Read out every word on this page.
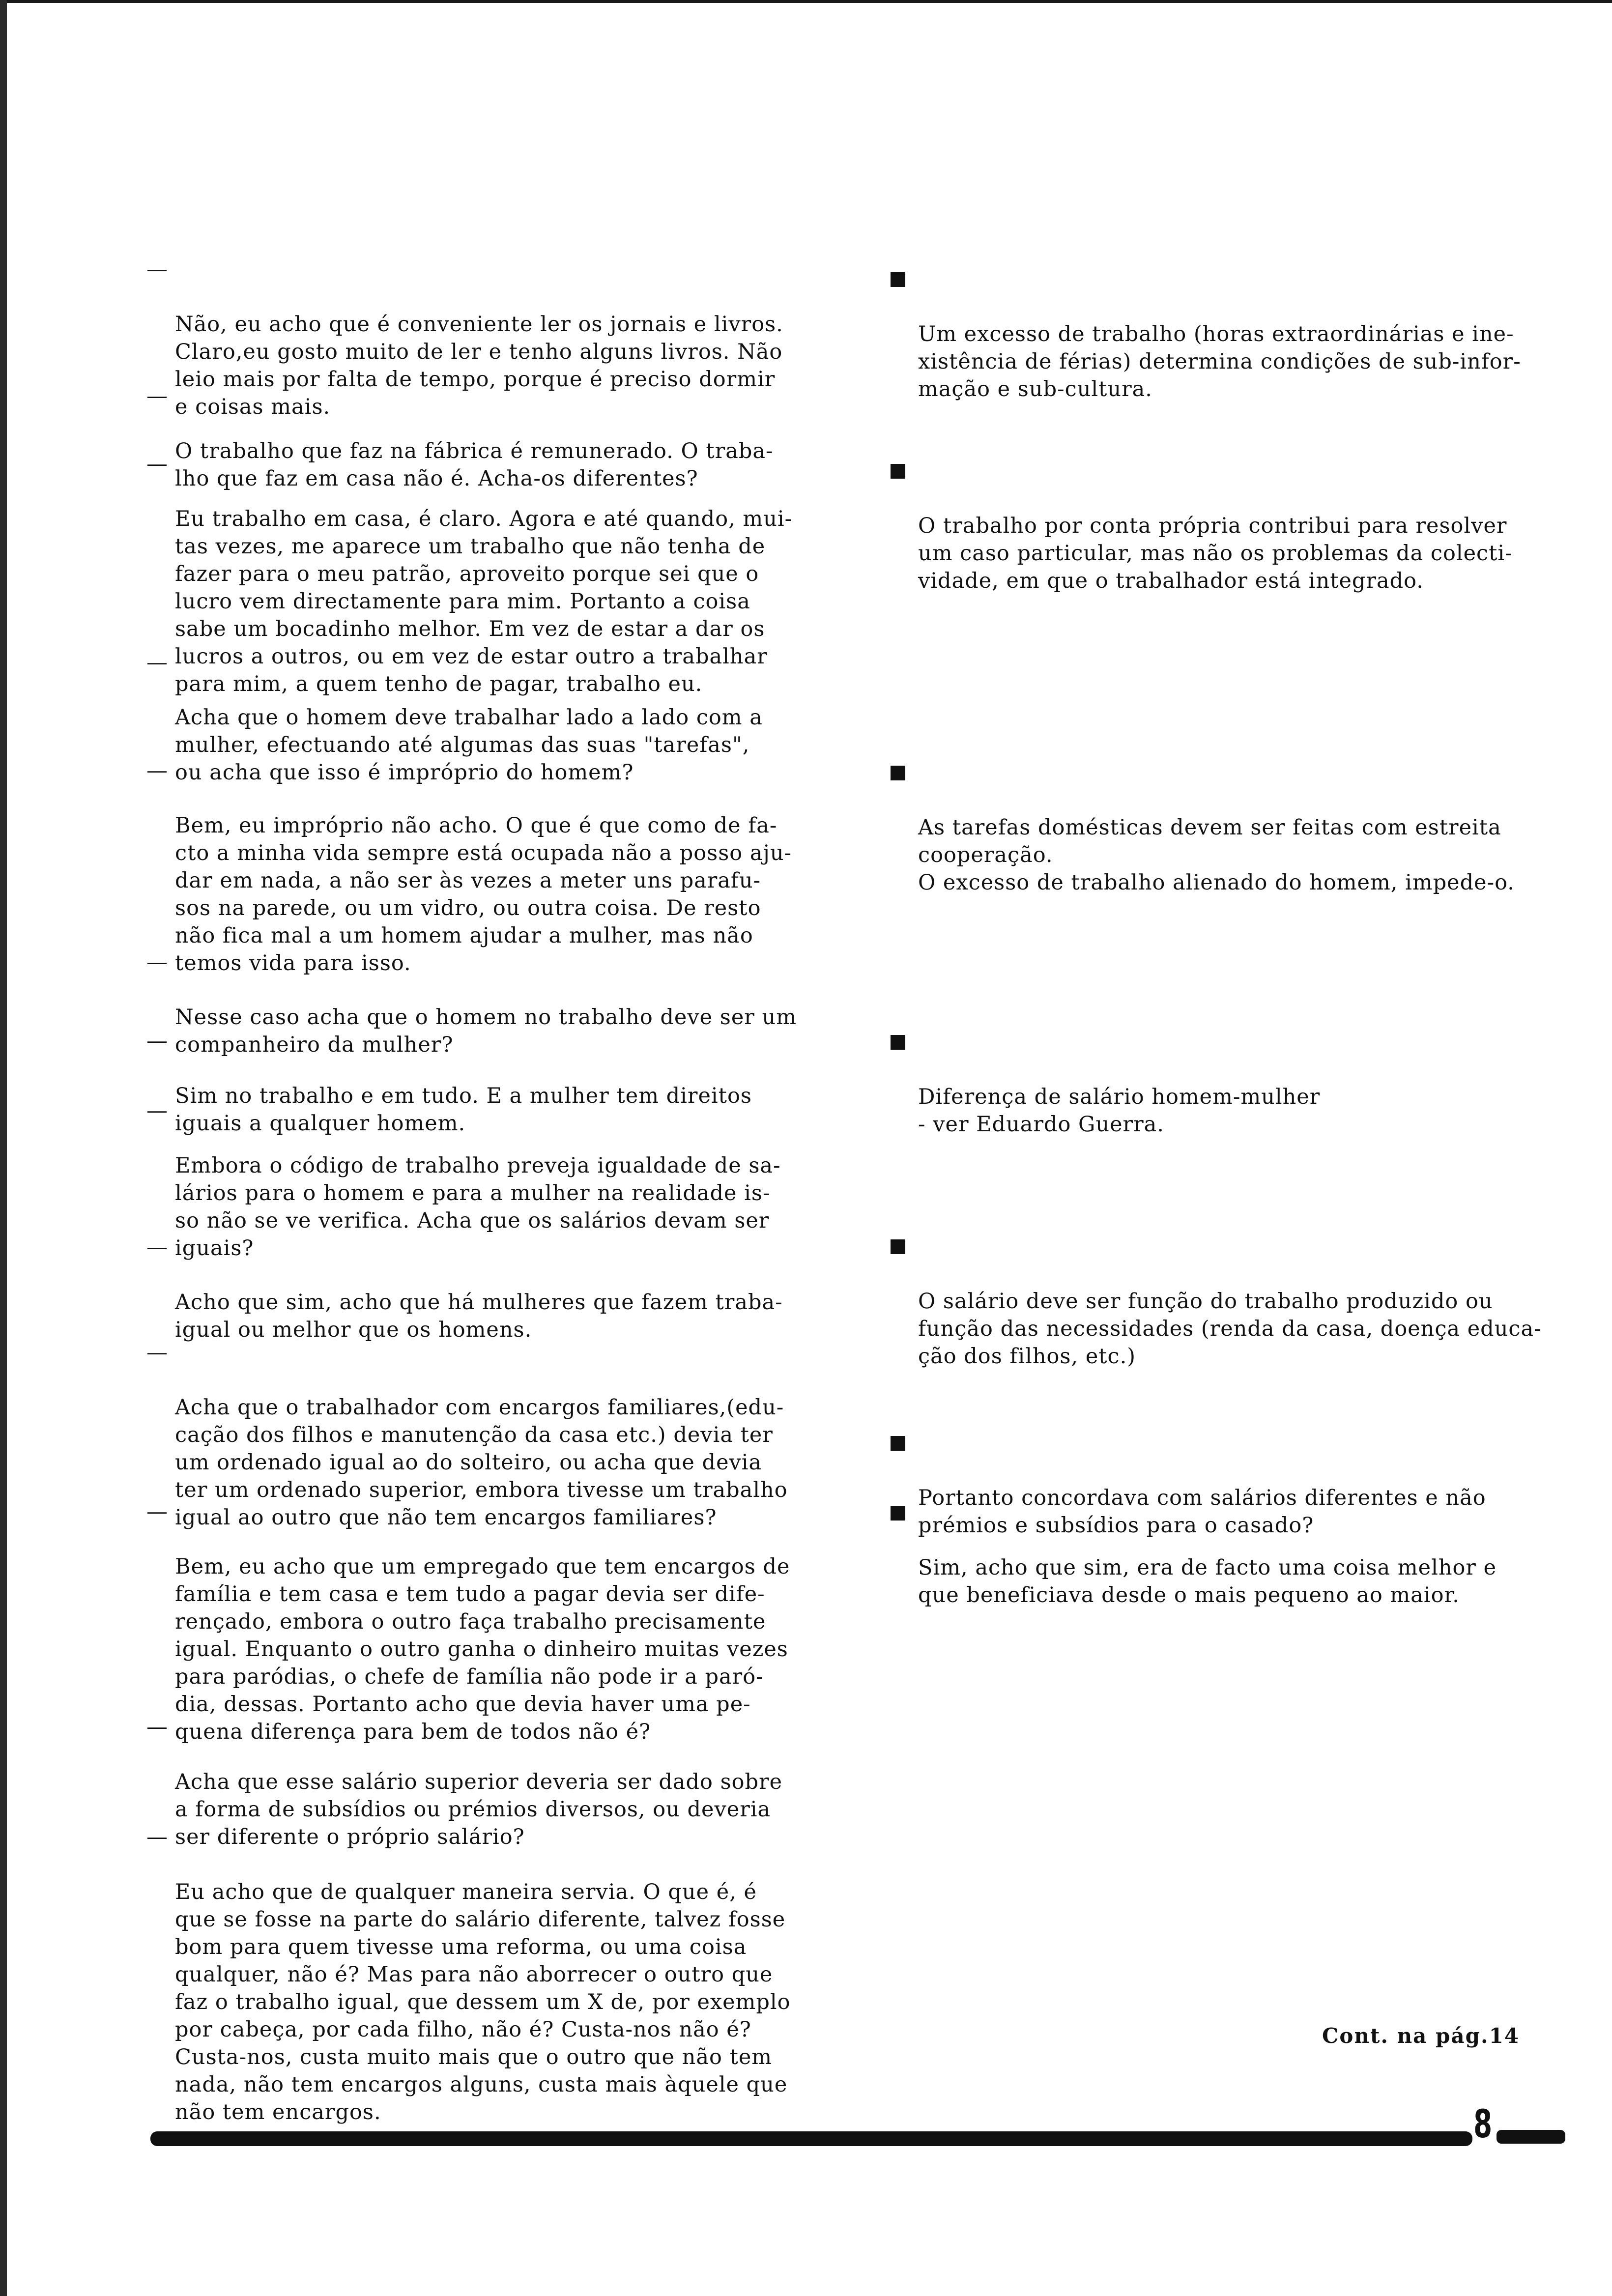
—

Não, eu acho que é conveniente ler os jornais e livros.
Claro,eu gosto muito de ler e tenho alguns livros. Não
leio mais por falta de tempo, porque é preciso dormir
e coisas mais.

—

O trabalho que faz na fábrica é remunerado. O traba-
lho que faz em casa não é. Acha-os diferentes?

—

Eu trabalho em casa, é claro. Agora e até quando, mui-
tas vezes, me aparece um trabalho que não tenha de
fazer para o meu patrão, aproveito porque sei que o
lucro vem directamente para mim. Portanto a coisa
sabe um bocadinho melhor. Em vez de estar a dar os
lucros a outros, ou em vez de estar outro a trabalhar
para mim, a quem tenho de pagar, trabalho eu.

—

Acha que o homem deve trabalhar lado a lado com a
mulher, efectuando até algumas das suas "tarefas",
ou acha que isso é impróprio do homem?

—

Bem, eu impróprio não acho. O que é que como de fa-
cto a minha vida sempre está ocupada não a posso aju-
dar em nada, a não ser às vezes a meter uns parafu-
sos na parede, ou um vidro, ou outra coisa. De resto
não fica mal a um homem ajudar a mulher, mas não
temos vida para isso.

—

Nesse caso acha que o homem no trabalho deve ser um
companheiro da mulher?

—

Sim no trabalho e em tudo. E a mulher tem direitos
iguais a qualquer homem.

—

Embora o código de trabalho preveja igualdade de sa-
lários para o homem e para a mulher na realidade is-
so não se ve verifica. Acha que os salários devam ser
iguais?

—

Acho que sim, acho que há mulheres que fazem traba-
igual ou melhor que os homens.

—

Acha que o trabalhador com encargos familiares,(edu-
cação dos filhos e manutenção da casa etc.) devia ter
um ordenado igual ao do solteiro, ou acha que devia
ter um ordenado superior, embora tivesse um trabalho
igual ao outro que não tem encargos familiares?

—

Bem, eu acho que um empregado que tem encargos de
família e tem casa e tem tudo a pagar devia ser dife-
rençado, embora o outro faça trabalho precisamente
igual. Enquanto o outro ganha o dinheiro muitas vezes
para paródias, o chefe de família não pode ir a paró-
dia, dessas. Portanto acho que devia haver uma pe-
quena diferença para bem de todos não é?

—

Acha que esse salário superior deveria ser dado sobre
a forma de subsídios ou prémios diversos, ou deveria
ser diferente o próprio salário?

—

Eu acho que de qualquer maneira servia. O que é, é
que se fosse na parte do salário diferente, talvez fosse
bom para quem tivesse uma reforma, ou uma coisa
qualquer, não é? Mas para não aborrecer o outro que
faz o trabalho igual, que dessem um X de, por exemplo
por cabeça, por cada filho, não é? Custa-nos não é?
Custa-nos, custa muito mais que o outro que não tem
nada, não tem encargos alguns, custa mais àquele que
não tem encargos.

Um excesso de trabalho (horas extraordinárias e ine-
xistência de férias) determina condições de sub-infor-
mação e sub-cultura.

O trabalho por conta própria contribui para resolver
um caso particular, mas não os problemas da colecti-
vidade, em que o trabalhador está integrado.

As tarefas domésticas devem ser feitas com estreita
cooperação.
O excesso de trabalho alienado do homem, impede-o.

Diferença de salário homem-mulher
- ver Eduardo Guerra.

O salário deve ser função do trabalho produzido ou
função das necessidades (renda da casa, doença educa-
ção dos filhos, etc.)

Portanto concordava com salários diferentes e não
prémios e subsídios para o casado?

Sim, acho que sim, era de facto uma coisa melhor e
que beneficiava desde o mais pequeno ao maior.

Cont. na pág.14
8
